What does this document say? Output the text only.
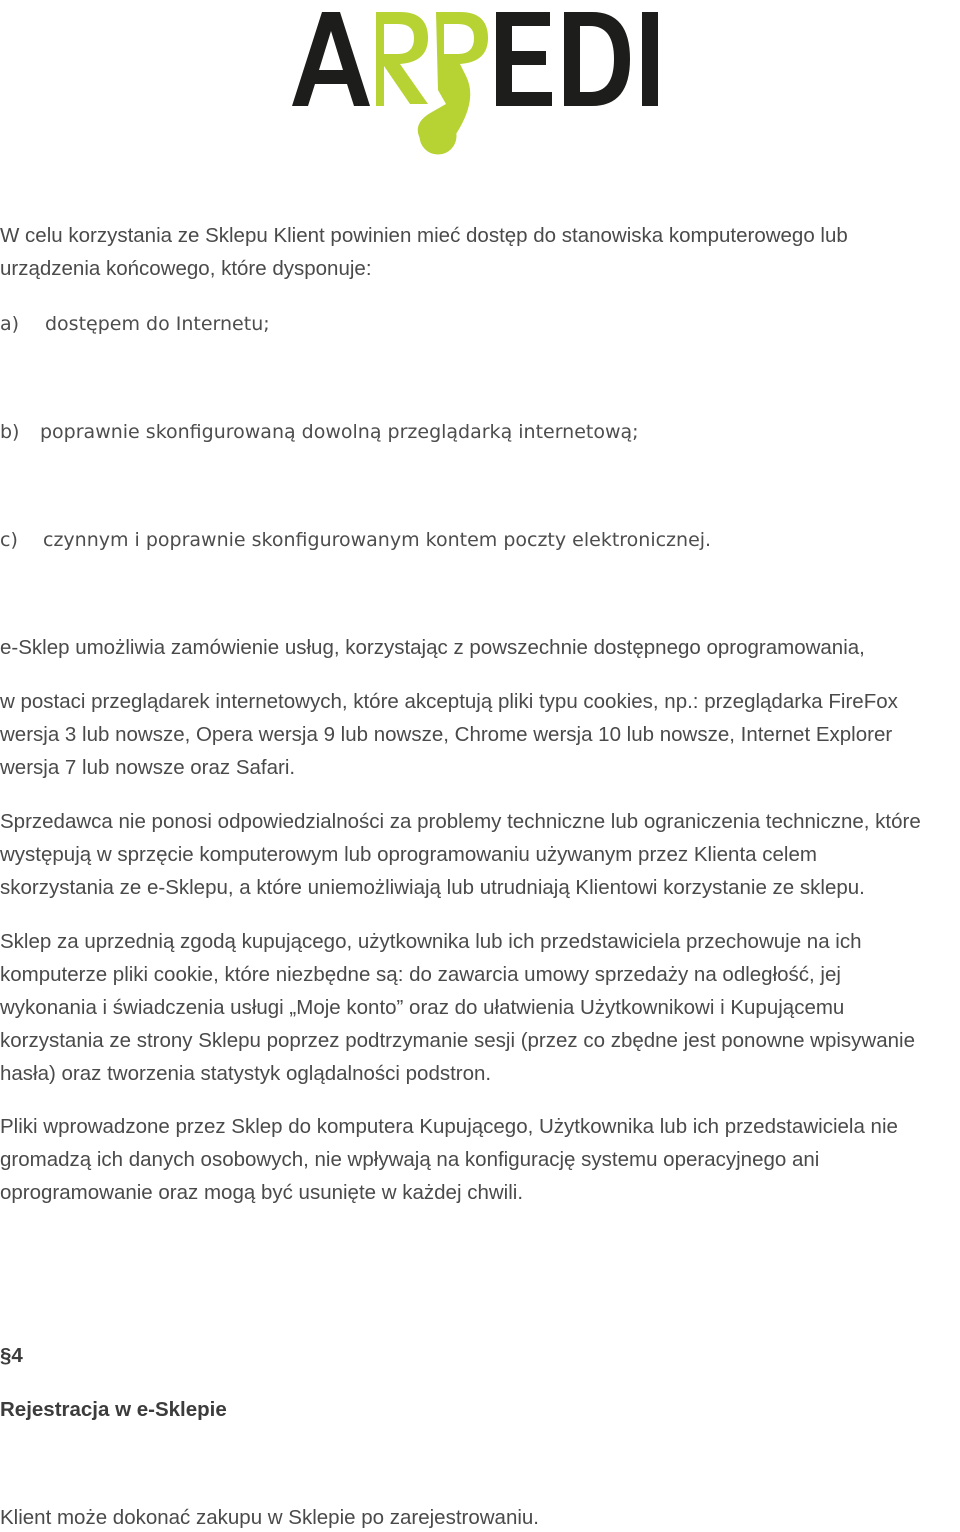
W celu korzystania ze Sklepu Klient powinien mieć dostęp do stanowiska komputerowego lub
urządzenia końcowego, które dysponuje:
a) dostępem do Internetu;
b) poprawnie skonfigurowaną dowolną przeglądarką internetową;
c) czynnym i poprawnie skonfigurowanym kontem poczty elektronicznej.
e-Sklep umożliwia zamówienie usług, korzystając z powszechnie dostępnego oprogramowania,
w postaci przeglądarek internetowych, które akceptują pliki typu cookies, np.: przeglądarka FireFox
wersja 3 lub nowsze, Opera wersja 9 lub nowsze, Chrome wersja 10 lub nowsze, Internet Explorer
wersja 7 lub nowsze oraz Safari.
Sprzedawca nie ponosi odpowiedzialności za problemy techniczne lub ograniczenia techniczne, które
występują w sprzęcie komputerowym lub oprogramowaniu używanym przez Klienta celem
skorzystania ze e-Sklepu, a które uniemożliwiają lub utrudniają Klientowi korzystanie ze sklepu.
Sklep za uprzednią zgodą kupującego, użytkownika lub ich przedstawiciela przechowuje na ich
komputerze pliki cookie, które niezbędne są: do zawarcia umowy sprzedaży na odległość, jej
wykonania i świadczenia usługi „Moje konto” oraz do ułatwienia Użytkownikowi i Kupującemu
korzystania ze strony Sklepu poprzez podtrzymanie sesji (przez co zbędne jest ponowne wpisywanie
hasła) oraz tworzenia statystyk oglądalności podstron.
Pliki wprowadzone przez Sklep do komputera Kupującego, Użytkownika lub ich przedstawiciela nie
gromadzą ich danych osobowych, nie wpływają na konfigurację systemu operacyjnego ani
oprogramowanie oraz mogą być usunięte w każdej chwili.
§4
Rejestracja w e-Sklepie
Klient może dokonać zakupu w Sklepie po zarejestrowaniu.
